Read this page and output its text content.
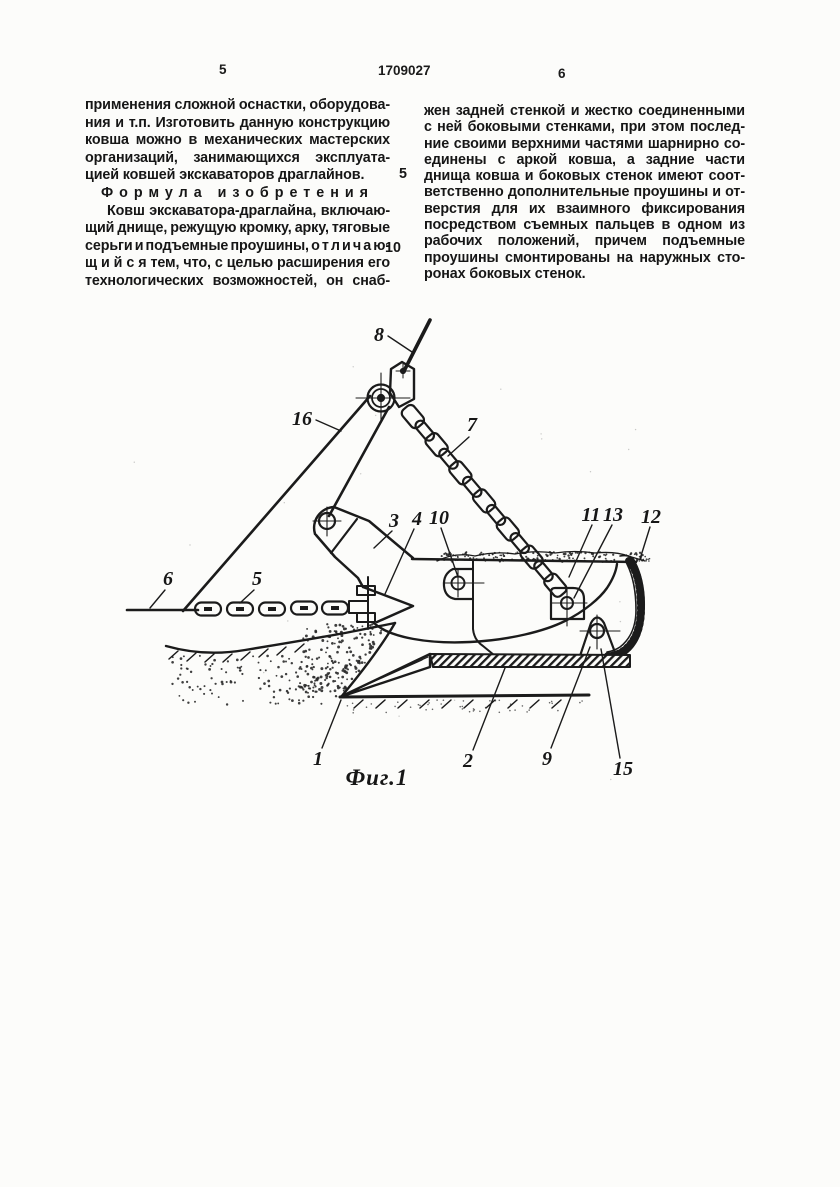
5	1709027	6
применения сложной оснастки, оборудова-
ния и т.п. Изготовить данную конструкцию
ковша можно в механических мастерских
организаций, занимающихся эксплуата-
цией ковшей экскаваторов драглайнов.
Формула изобретения
Ковш экскаватора-драглайна, включаю-
щий днище, режущую кромку, арку, тяговые
серьги и подъемные проушины, о т л и ч а ю-
щ и й с я тем, что, с целью расширения его
технологических возможностей, он снаб-
жен задней стенкой и жестко соединенными
с ней боковыми стенками, при этом послед-
ние своими верхними частями шарнирно со-
единены с аркой ковша, а задние части
днища ковша и боковых стенок имеют соот-
ветственно дополнительные проушины и от-
верстия для их взаимного фиксирования
посредством съемных пальцев в одном из
рабочих положений, причем подъемные
проушины смонтированы на наружных сто-
ронах боковых стенок.
5
10
8
16	7
3 4 10	11 13 12
6	5
1	2	9	15
Фиг.1
